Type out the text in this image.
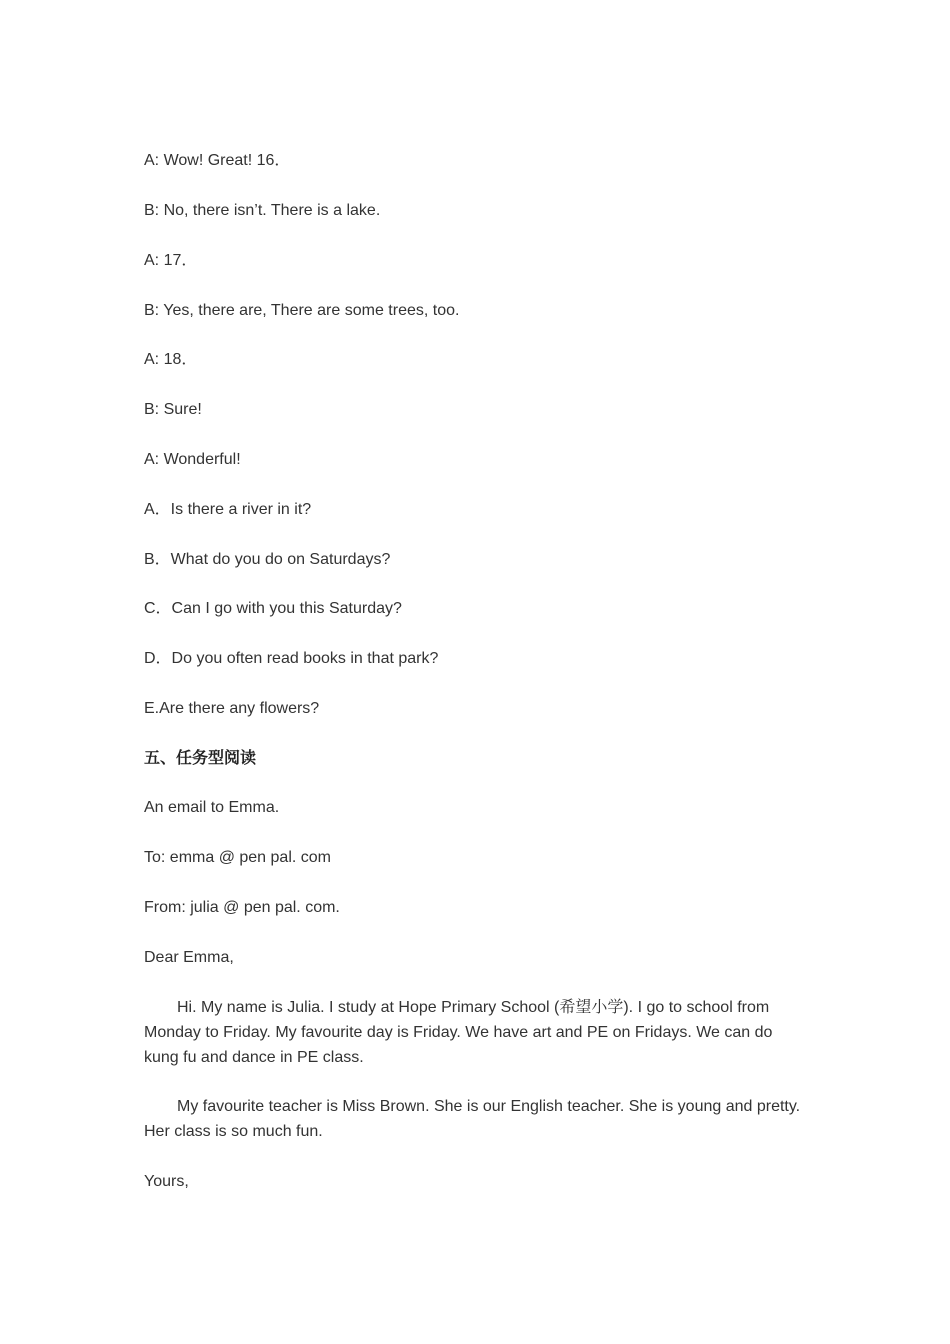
A: Wow! Great! 16．
B: No, there isn’t. There is a lake.
A: 17．
B: Yes, there are, There are some trees, too.
A: 18．
B: Sure!
A: Wonderful!
A．Is there a river in it?
B．What do you do on Saturdays?
C．Can I go with you this Saturday?
D．Do you often read books in that park?
E.Are there any flowers?
五、任务型阅读
An email to Emma.
To: emma @ pen pal. com
From: julia @ pen pal. com.
Dear Emma,
Hi. My name is Julia. I study at Hope Primary School (希望小学). I go to school from Monday to Friday. My favourite day is Friday. We have art and PE on Fridays. We can do kung fu and dance in PE class.
My favourite teacher is Miss Brown. She is our English teacher. She is young and pretty. Her class is so much fun.
Yours,
